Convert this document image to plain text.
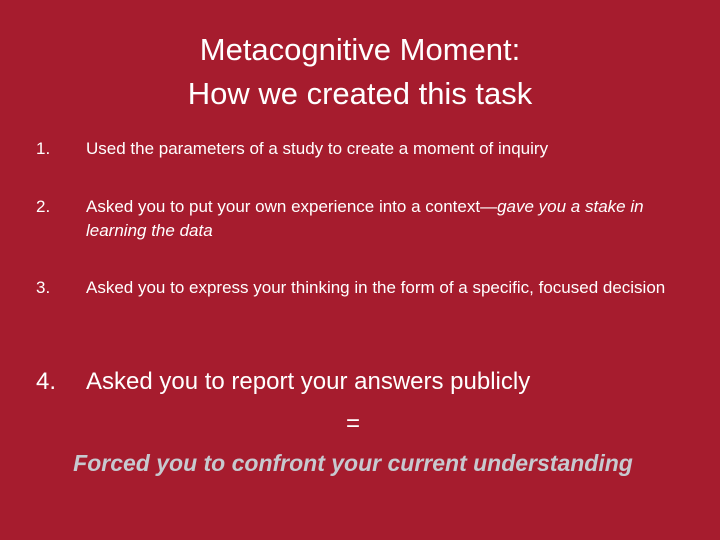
Metacognitive Moment:
How we created this task
1.	Used the parameters of a study to create a moment of inquiry
2.	Asked you to put your own experience into a context—gave you a stake in learning the data
3.	Asked you to express your thinking in the form of a specific, focused decision
4. Asked you to report your answers publicly
=
Forced you to confront your current understanding
